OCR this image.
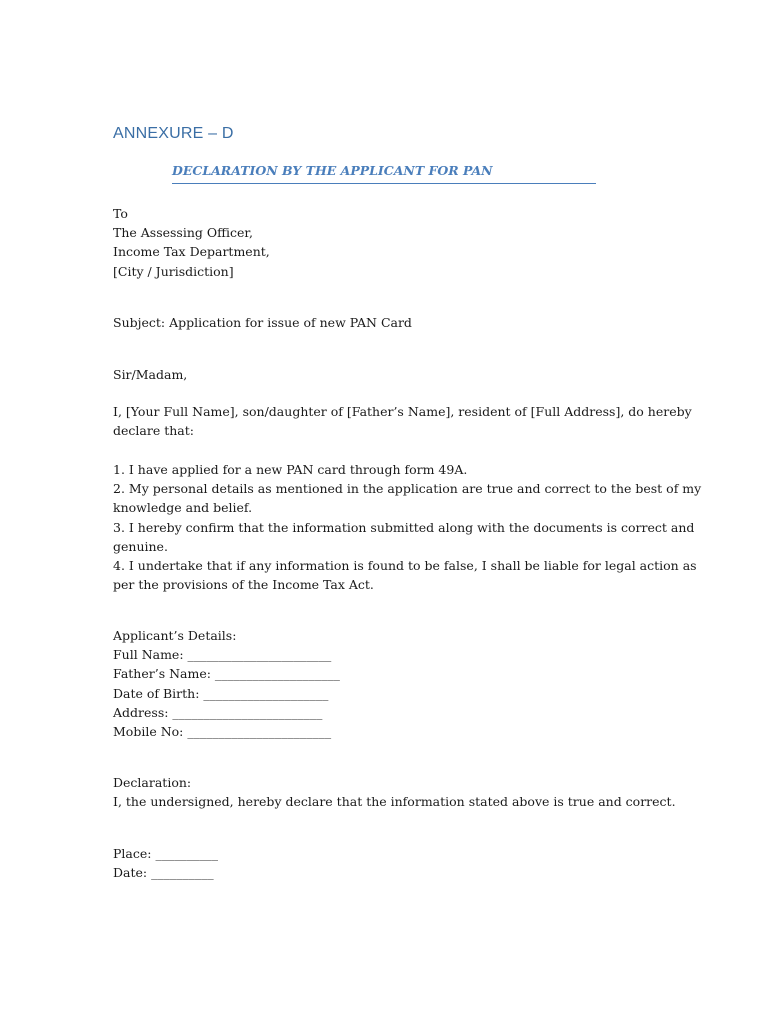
ANNEXURE – D
DECLARATION BY THE APPLICANT FOR PAN
To
The Assessing Officer,
Income Tax Department,
[City / Jurisdiction]
Subject: Application for issue of new PAN Card
Sir/Madam,
I, [Your Full Name], son/daughter of [Father’s Name], resident of [Full Address], do hereby
declare that:
1. I have applied for a new PAN card through form 49A.
2. My personal details as mentioned in the application are true and correct to the best of my
knowledge and belief.
3. I hereby confirm that the information submitted along with the documents is correct and
genuine.
4. I undertake that if any information is found to be false, I shall be liable for legal action as
per the provisions of the Income Tax Act.
Applicant’s Details:
Full Name: _______________________
Father’s Name: ____________________
Date of Birth: ____________________
Address: ________________________
Mobile No: _______________________
Declaration:
I, the undersigned, hereby declare that the information stated above is true and correct.
Place: __________
Date: __________
